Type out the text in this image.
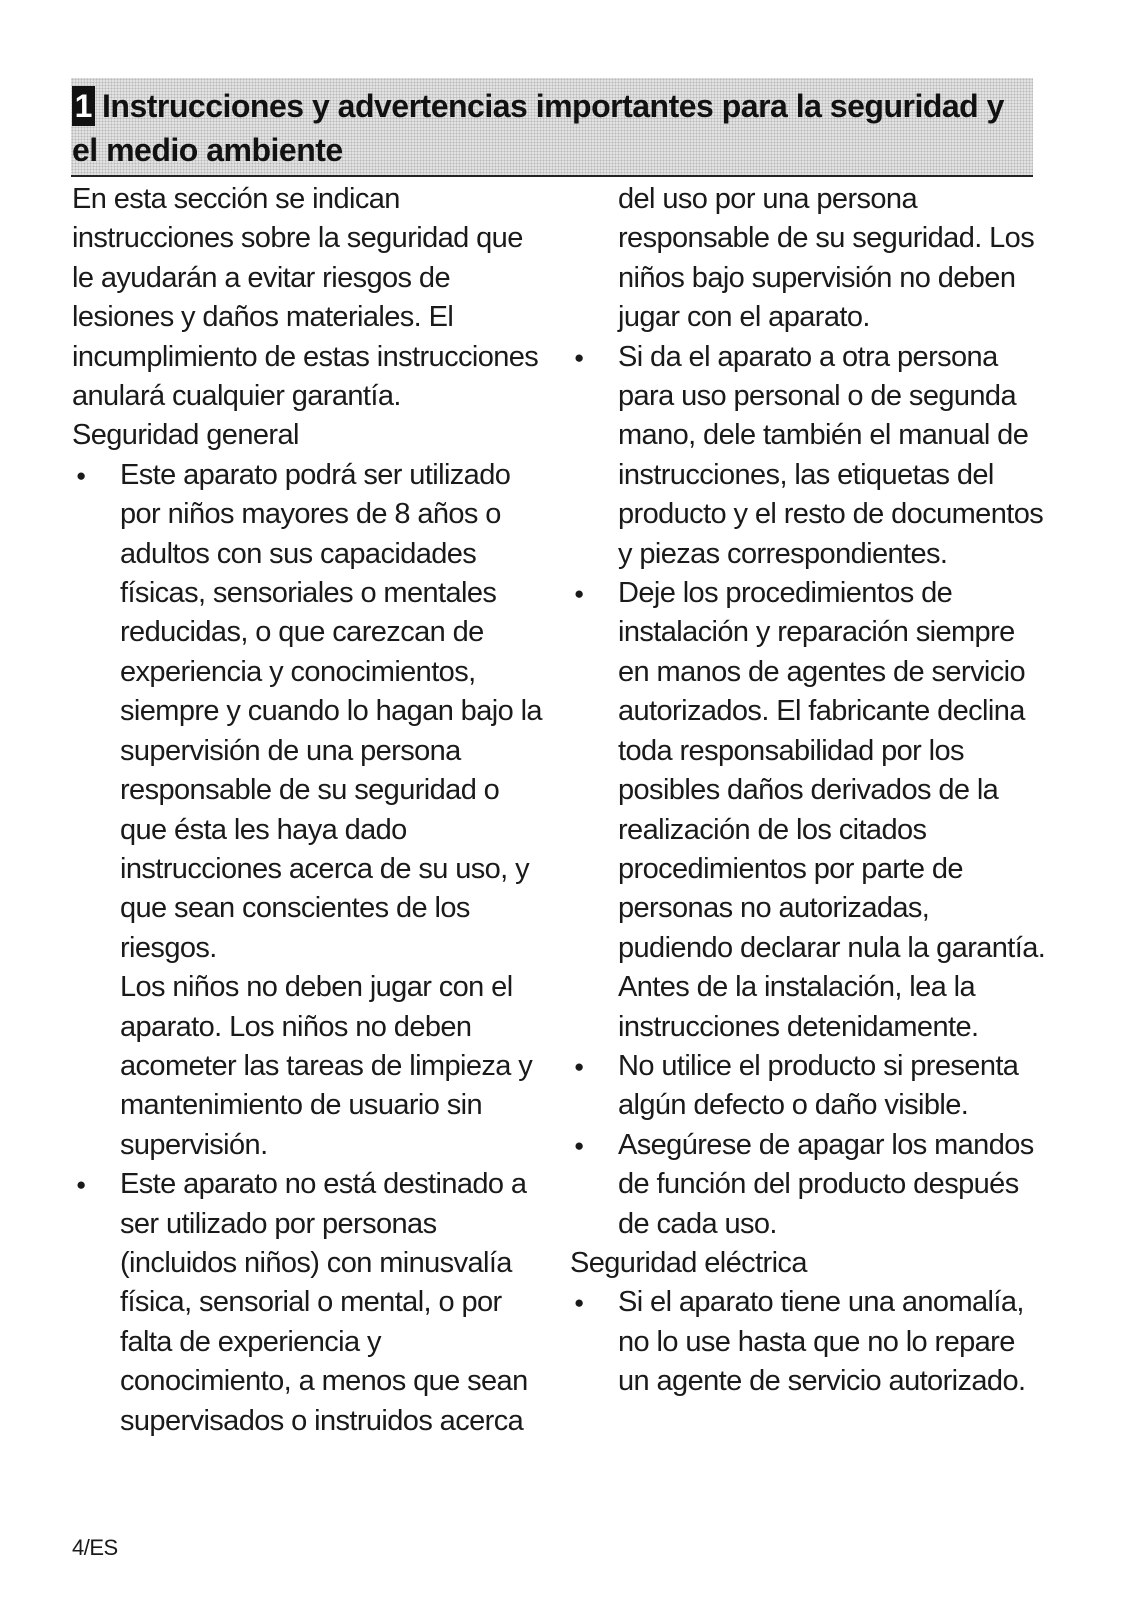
1 Instrucciones y advertencias importantes para la seguridad y
el medio ambiente

En esta sección se indican instrucciones sobre la seguridad que le ayudarán a evitar riesgos de lesiones y daños materiales. El incumplimiento de estas instrucciones anulará cualquier garantía.

Seguridad general

● Este aparato podrá ser utilizado por niños mayores de 8 años o adultos con sus capacidades físicas, sensoriales o mentales reducidas, o que carezcan de experiencia y conocimientos, siempre y cuando lo hagan bajo la supervisión de una persona responsable de su seguridad o que ésta les haya dado instrucciones acerca de su uso, y que sean conscientes de los riesgos.

Los niños no deben jugar con el aparato. Los niños no deben acometer las tareas de limpieza y mantenimiento de usuario sin supervisión.

● Este aparato no está destinado a ser utilizado por personas (incluidos niños) con minusvalía física, sensorial o mental, o por falta de experiencia y conocimiento, a menos que sean supervisados o instruidos acerca

del uso por una persona responsable de su seguridad. Los niños bajo supervisión no deben jugar con el aparato.

● Si da el aparato a otra persona para uso personal o de segunda mano, dele también el manual de instrucciones, las etiquetas del producto y el resto de documentos y piezas correspondientes.
● Deje los procedimientos de instalación y reparación siempre en manos de agentes de servicio autorizados. El fabricante declina toda responsabilidad por los posibles daños derivados de la realización de los citados procedimientos por parte de personas no autorizadas, pudiendo declarar nula la garantía. Antes de la instalación, lea la instrucciones detenidamente.
● No utilice el producto si presenta algún defecto o daño visible.
● Asegúrese de apagar los mandos de función del producto después de cada uso.
Seguridad eléctrica
● Si el aparato tiene una anomalía, no lo use hasta que no lo repare un agente de servicio autorizado.
4/ES
